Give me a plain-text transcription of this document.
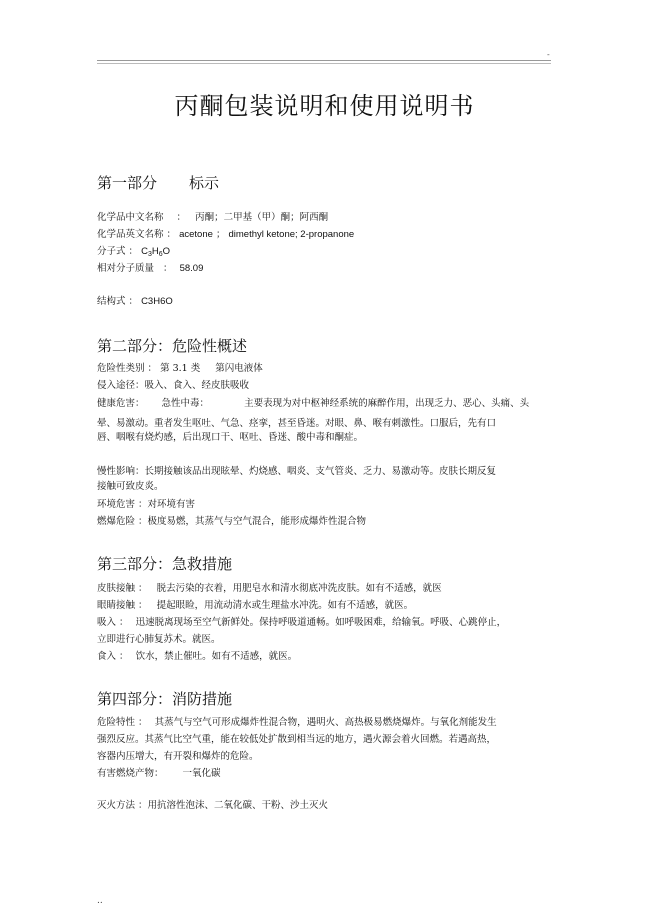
-
丙酮包装说明和使用说明书
第一部分 标示
化学品中文名称 ： 丙酮；二甲基（甲）酮；阿西酮
化学品英文名称 ： acetone ； dimethyl ketone; 2-propanone
分子式 ： $C_3H_6O$
相对分子质量 ： 58.09
结构式 ： C3H6O
第二部分：危险性概述
危险性类别 ： 第 3.1 类 第闪电液体
侵入途径：吸入、食入、经皮肤吸收
健康危害： 急性中毒：	主要表现为对中枢神经系统的麻醉作用，出现乏力、恶心、头痛、头
晕、易激动。重者发生呕吐、气急、痉挛，甚至昏迷。对眼、鼻、喉有刺激性。口服后，先有口
唇、咽喉有烧灼感，后出现口干、呕吐、昏迷、酸中毒和酮症。
慢性影响：长期接触该品出现眩晕、灼烧感、咽炎、支气管炎、乏力、易激动等。皮肤长期反复
接触可致皮炎。
环境危害 ：对环境有害
燃爆危险 ：极度易燃，其蒸气与空气混合，能形成爆炸性混合物
第三部分：急救措施
皮肤接触 ： 脱去污染的衣着，用肥皂水和清水彻底冲洗皮肤。如有不适感，就医
眼睛接触 ： 提起眼睑，用流动清水或生理盐水冲洗。如有不适感，就医。
吸入 ： 迅速脱离现场至空气新鲜处。保持呼吸道通畅。如呼吸困难，给输氧。呼吸、心跳停止，
立即进行心肺复苏术。就医。
食入 ： 饮水，禁止催吐。如有不适感，就医。
第四部分：消防措施
危险特性 ： 其蒸气与空气可形成爆炸性混合物，遇明火、高热极易燃烧爆炸。与氧化剂能发生
强烈反应。其蒸气比空气重，能在较低处扩散到相当远的地方，遇火源会着火回燃。若遇高热，
容器内压增大，有开裂和爆炸的危险。
有害燃烧产物： 一氧化碳
灭火方法 ：用抗溶性泡沫、二氧化碳、干粉、沙土灭火
..
